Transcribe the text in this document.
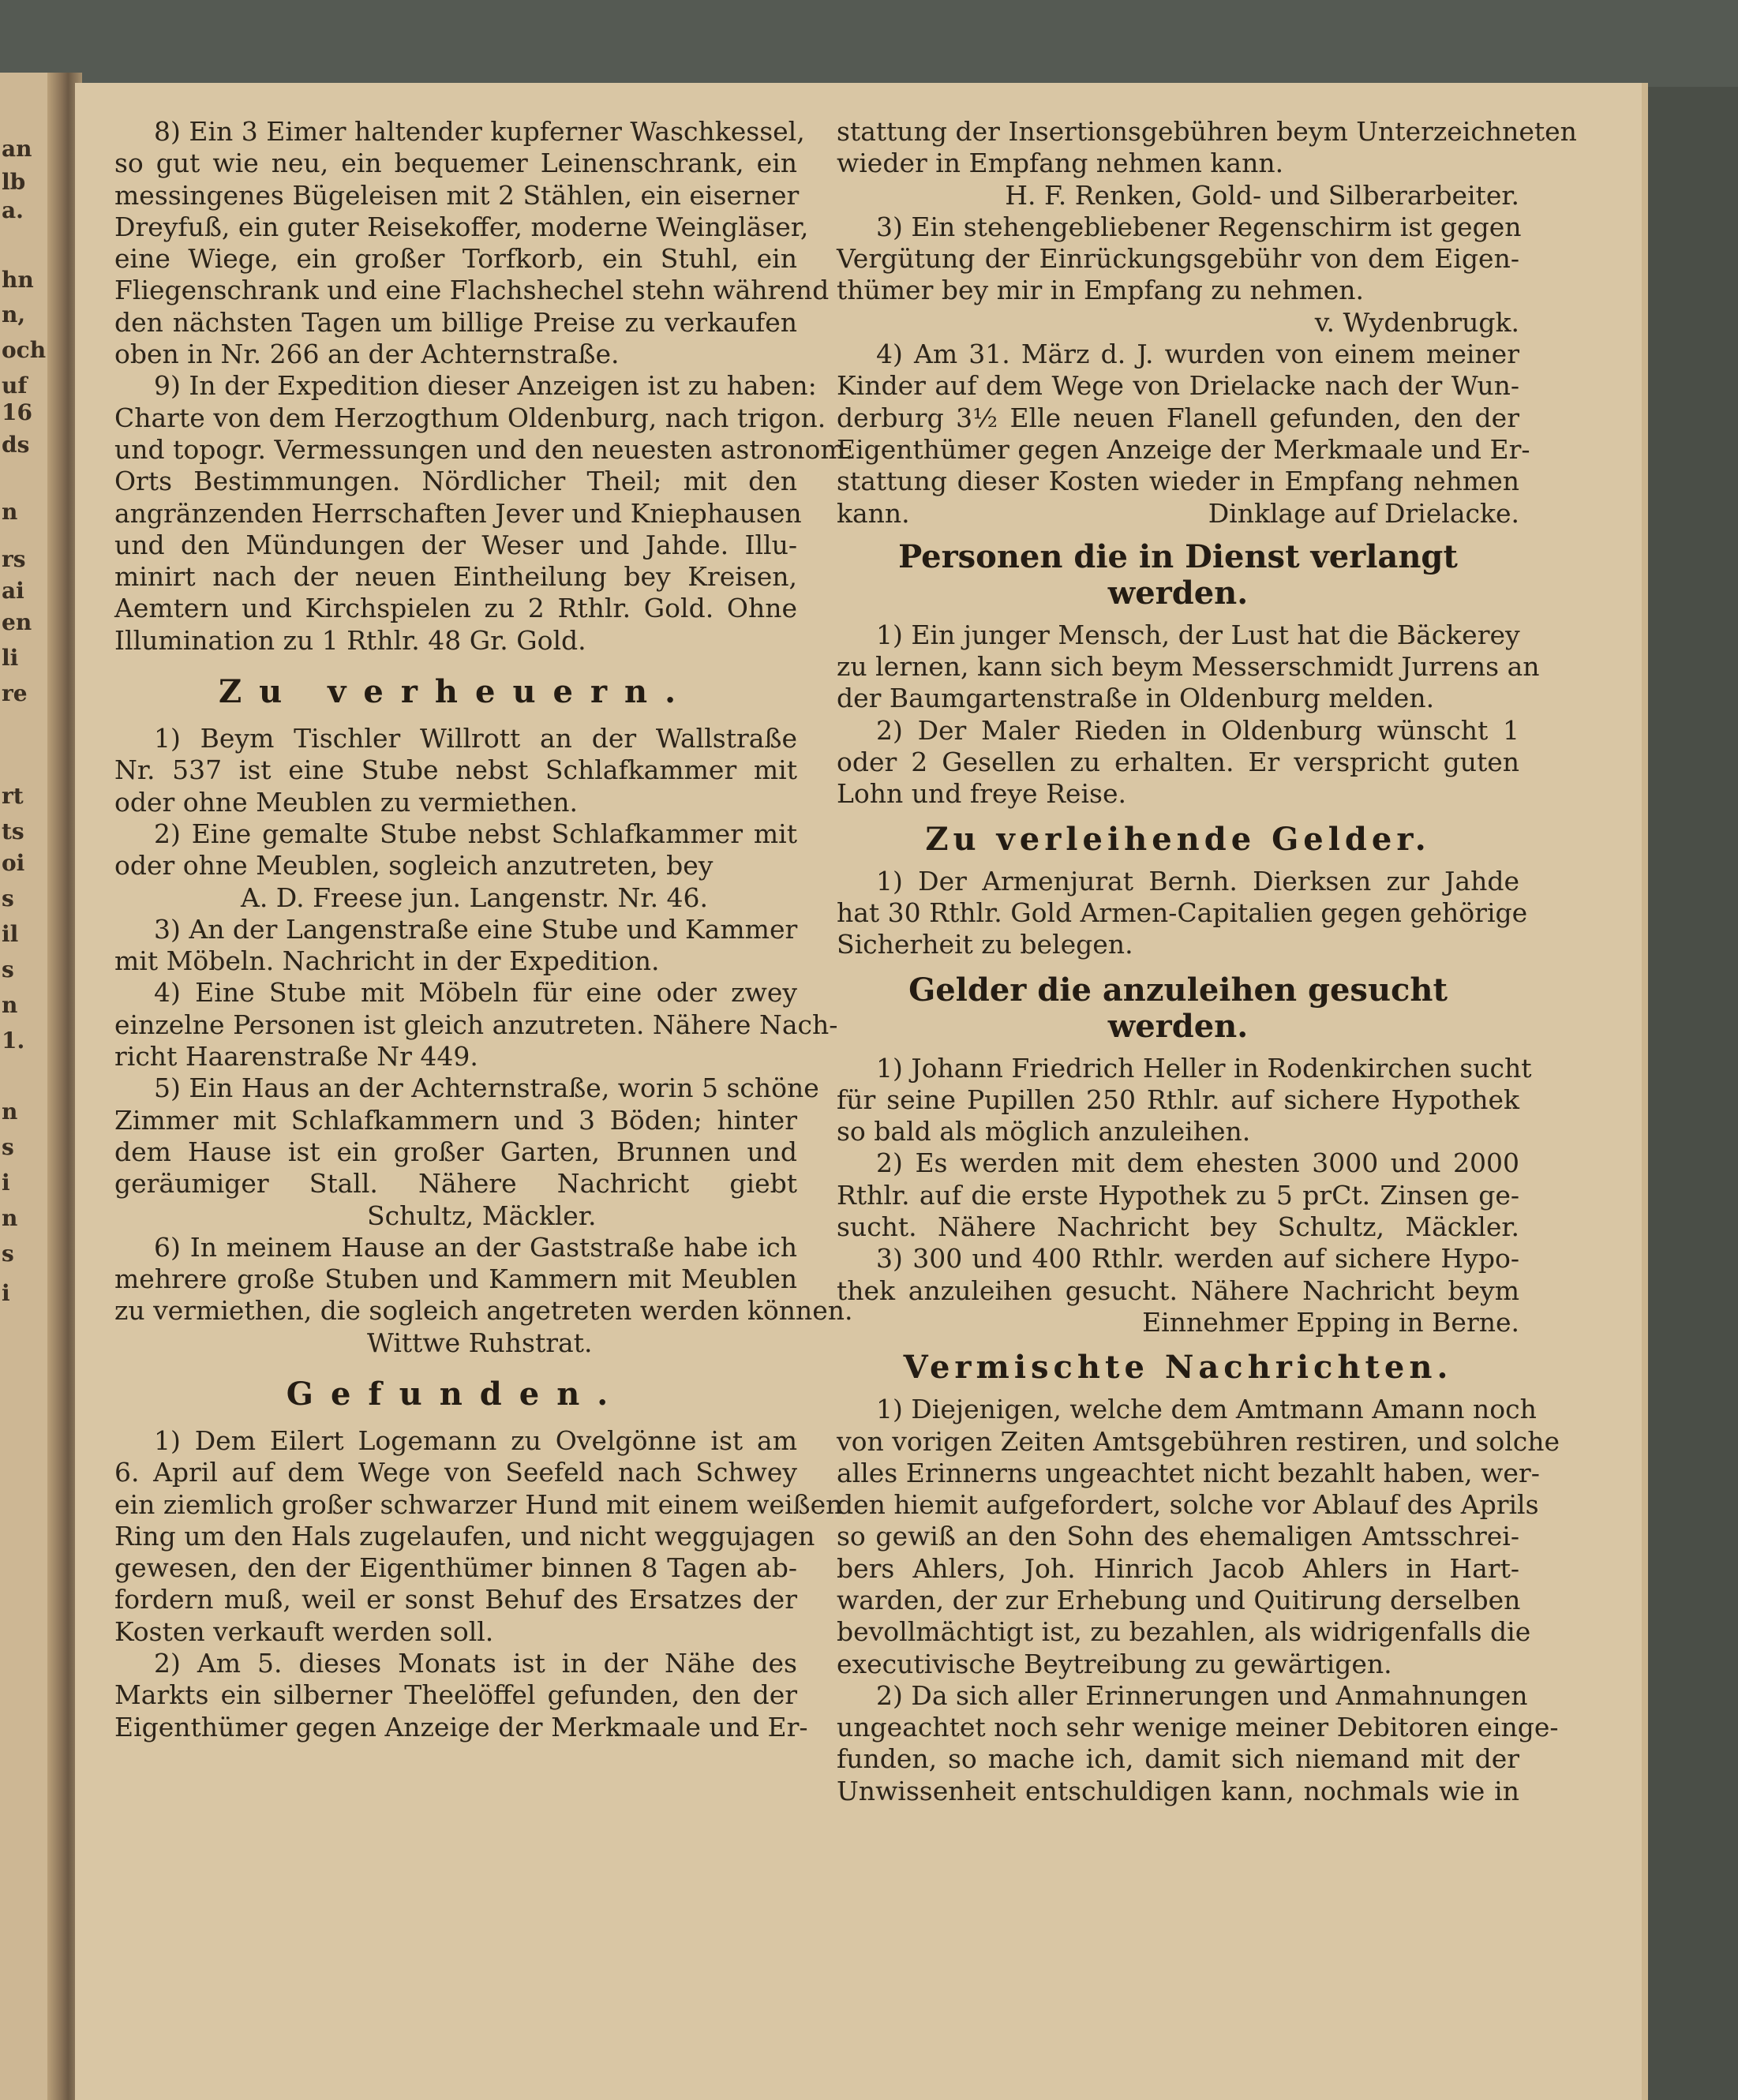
an
lb
a.
hn
n,
och
uf
16
ds
n
rs
ai
en
li
re
rt
ts
oi
s
il
s
n
1.
n
s
i
n
s
i
8) Ein 3 Eimer haltender kupferner Waschkessel,
so gut wie neu, ein bequemer Leinenschrank, ein
messingenes Bügeleisen mit 2 Stählen, ein eiserner
Dreyfuß, ein guter Reisekoffer, moderne Weingläser,
eine Wiege, ein großer Torfkorb, ein Stuhl, ein
Fliegenschrank und eine Flachshechel stehn während
den nächsten Tagen um billige Preise zu verkaufen
oben in Nr. 266 an der Achternstraße.
9) In der Expedition dieser Anzeigen ist zu haben:
Charte von dem Herzogthum Oldenburg, nach trigon.
und topogr. Vermessungen und den neuesten astronom.
Orts Bestimmungen. Nördlicher Theil; mit den
angränzenden Herrschaften Jever und Kniephausen
und den Mündungen der Weser und Jahde. Illu-
minirt nach der neuen Eintheilung bey Kreisen,
Aemtern und Kirchspielen zu 2 Rthlr. Gold. Ohne
Illumination zu 1 Rthlr. 48 Gr. Gold.
Zu verheuern.
1) Beym Tischler Willrott an der Wallstraße
Nr. 537 ist eine Stube nebst Schlafkammer mit
oder ohne Meublen zu vermiethen.
2) Eine gemalte Stube nebst Schlafkammer mit
oder ohne Meublen, sogleich anzutreten, bey
A. D. Freese jun. Langenstr. Nr. 46.
3) An der Langenstraße eine Stube und Kammer
mit Möbeln. Nachricht in der Expedition.
4) Eine Stube mit Möbeln für eine oder zwey
einzelne Personen ist gleich anzutreten. Nähere Nach-
richt Haarenstraße Nr 449.
5) Ein Haus an der Achternstraße, worin 5 schöne
Zimmer mit Schlafkammern und 3 Böden; hinter
dem Hause ist ein großer Garten, Brunnen und
geräumiger Stall. Nähere Nachricht giebt
Schultz, Mäckler.
6) In meinem Hause an der Gaststraße habe ich
mehrere große Stuben und Kammern mit Meublen
zu vermiethen, die sogleich angetreten werden können.
Wittwe Ruhstrat.
Gefunden.
1) Dem Eilert Logemann zu Ovelgönne ist am
6. April auf dem Wege von Seefeld nach Schwey
ein ziemlich großer schwarzer Hund mit einem weißen
Ring um den Hals zugelaufen, und nicht weggujagen
gewesen, den der Eigenthümer binnen 8 Tagen ab-
fordern muß, weil er sonst Behuf des Ersatzes der
Kosten verkauft werden soll.
2) Am 5. dieses Monats ist in der Nähe des
Markts ein silberner Theelöffel gefunden, den der
Eigenthümer gegen Anzeige der Merkmaale und Er-
stattung der Insertionsgebühren beym Unterzeichneten
wieder in Empfang nehmen kann.
H. F. Renken, Gold- und Silberarbeiter.
3) Ein stehengebliebener Regenschirm ist gegen
Vergütung der Einrückungsgebühr von dem Eigen-
thümer bey mir in Empfang zu nehmen.
v. Wydenbrugk.
4) Am 31. März d. J. wurden von einem meiner
Kinder auf dem Wege von Drielacke nach der Wun-
derburg 3½ Elle neuen Flanell gefunden, den der
Eigenthümer gegen Anzeige der Merkmaale und Er-
stattung dieser Kosten wieder in Empfang nehmen
kann.	Dinklage auf Drielacke.
Personen die in Dienst verlangt werden.
1) Ein junger Mensch, der Lust hat die Bäckerey
zu lernen, kann sich beym Messerschmidt Jurrens an
der Baumgartenstraße in Oldenburg melden.
2) Der Maler Rieden in Oldenburg wünscht 1
oder 2 Gesellen zu erhalten. Er verspricht guten
Lohn und freye Reise.
Zu verleihende Gelder.
1) Der Armenjurat Bernh. Dierksen zur Jahde
hat 30 Rthlr. Gold Armen-Capitalien gegen gehörige
Sicherheit zu belegen.
Gelder die anzuleihen gesucht werden.
1) Johann Friedrich Heller in Rodenkirchen sucht
für seine Pupillen 250 Rthlr. auf sichere Hypothek
so bald als möglich anzuleihen.
2) Es werden mit dem ehesten 3000 und 2000
Rthlr. auf die erste Hypothek zu 5 prCt. Zinsen ge-
sucht. Nähere Nachricht bey Schultz, Mäckler.
3) 300 und 400 Rthlr. werden auf sichere Hypo-
thek anzuleihen gesucht. Nähere Nachricht beym
Einnehmer Epping in Berne.
Vermischte Nachrichten.
1) Diejenigen, welche dem Amtmann Amann noch
von vorigen Zeiten Amtsgebühren restiren, und solche
alles Erinnerns ungeachtet nicht bezahlt haben, wer-
den hiemit aufgefordert, solche vor Ablauf des Aprils
so gewiß an den Sohn des ehemaligen Amtsschrei-
bers Ahlers, Joh. Hinrich Jacob Ahlers in Hart-
warden, der zur Erhebung und Quitirung derselben
bevollmächtigt ist, zu bezahlen, als widrigenfalls die
executivische Beytreibung zu gewärtigen.
2) Da sich aller Erinnerungen und Anmahnungen
ungeachtet noch sehr wenige meiner Debitoren einge-
funden, so mache ich, damit sich niemand mit der
Unwissenheit entschuldigen kann, nochmals wie in
